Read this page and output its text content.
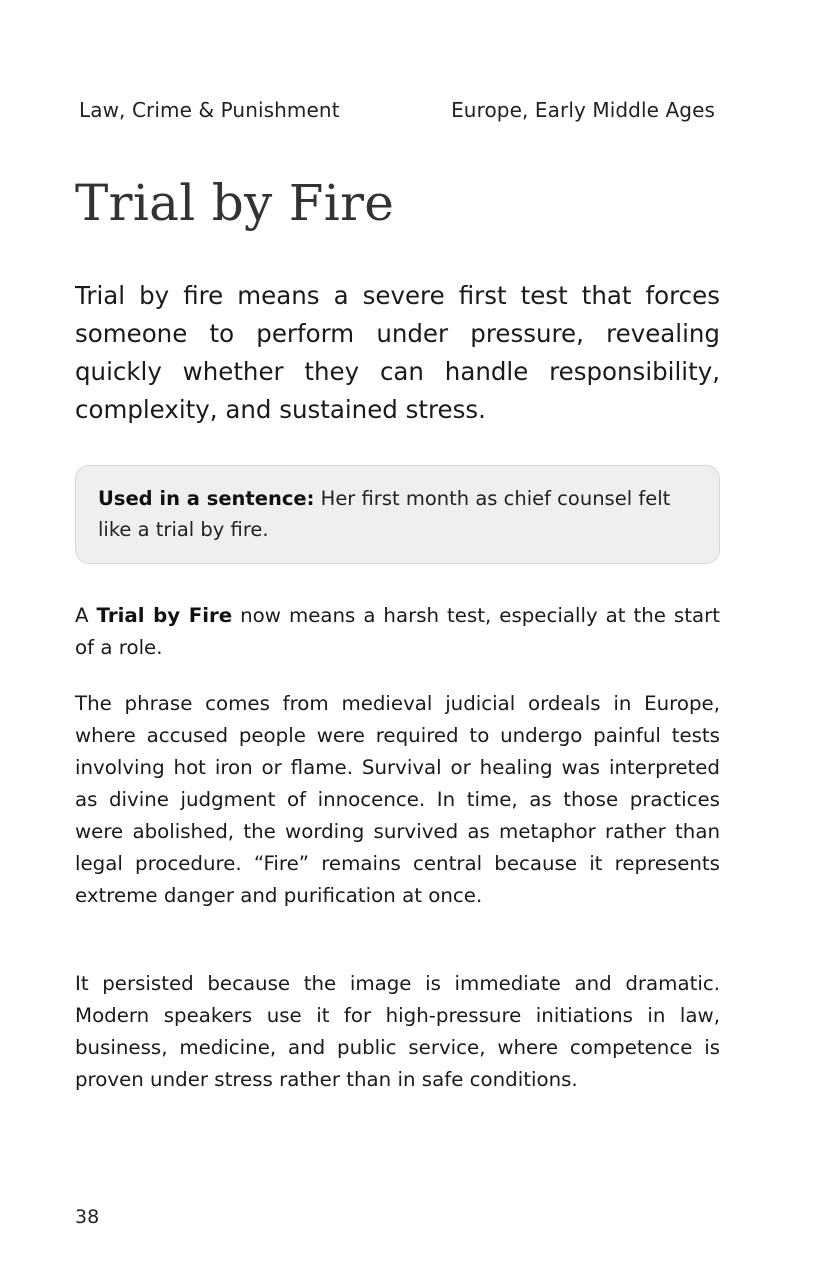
Law, Crime & Punishment	Europe, Early Middle Ages
Trial by Fire

Trial by fire means a severe first test that forces someone to perform under pressure, revealing quickly whether they can handle responsibility, complexity, and sustained stress.

Used in a sentence: Her first month as chief counsel felt like a trial by fire.

A Trial by Fire now means a harsh test, especially at the start of a role.

The phrase comes from medieval judicial ordeals in Europe, where accused people were required to undergo painful tests involving hot iron or flame. Survival or healing was interpreted as divine judgment of innocence. In time, as those practices were abolished, the wording survived as metaphor rather than legal procedure. “Fire” remains central because it represents extreme danger and purification at once.

It persisted because the image is immediate and dramatic. Modern speakers use it for high-pressure initiations in law, business, medicine, and public service, where competence is proven under stress rather than in safe conditions.

38
